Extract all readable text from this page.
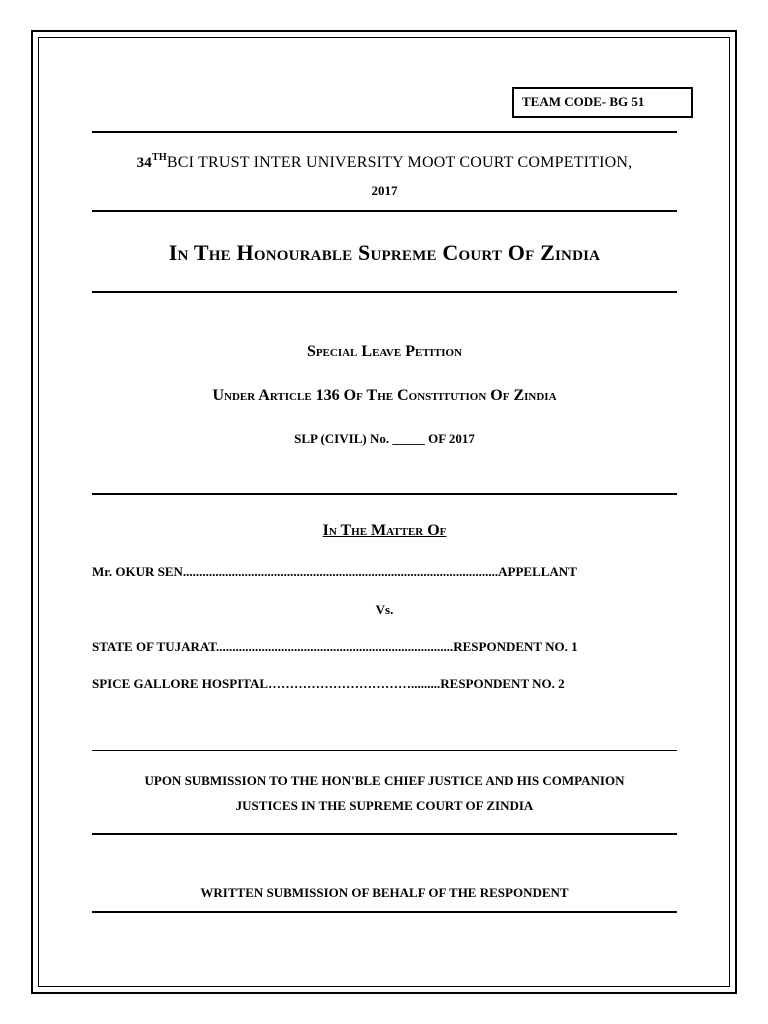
TEAM CODE- BG 51
34THBCI TRUST INTER UNIVERSITY MOOT COURT COMPETITION,
2017
In The Honourable Supreme Court Of Zindia
Special Leave Petition
Under Article 136 Of The Constitution Of Zindia
SLP (CIVIL) No. _____ OF 2017
In The Matter Of
Mr. OKUR SEN.................................................................................................APPELLANT
Vs.
STATE OF TUJARAT.........................................................................RESPONDENT NO. 1
SPICE GALLORE HOSPITAL…………………………….........RESPONDENT NO. 2
UPON SUBMISSION TO THE HON'BLE CHIEF JUSTICE AND HIS COMPANION
JUSTICES IN THE SUPREME COURT OF ZINDIA
WRITTEN SUBMISSION OF BEHALF OF THE RESPONDENT
